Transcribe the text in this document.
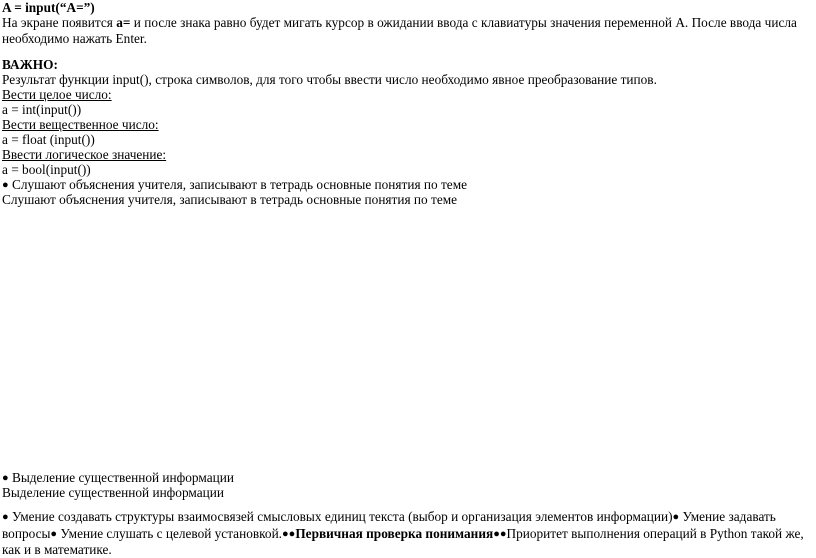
A = input(“A=”)
На экране появится а= и после знака равно будет мигать курсор в ожидании ввода с клавиатуры значения переменной А. После ввода числа необходимо нажать Enter.
ВАЖНО:
Результат функции input(), строка символов, для того чтобы ввести число необходимо явное преобразование типов.
Вести целое число:
a = int(input())
Вести вещественное число:
a = float (input())
Ввести логическое значение:
a = bool(input())
● Слушают объяснения учителя, записывают в тетрадь основные понятия по теме
Слушают объяснения учителя, записывают в тетрадь основные понятия по теме
● Выделение существенной информации
Выделение существенной информации
● Умение создавать структуры взаимосвязей смысловых единиц текста (выбор и организация элементов информации)● Умение задавать вопросы● Умение слушать с целевой установкой.●●Первичная проверка понимания●●Приоритет выполнения операций в Python такой же, как и в математике.
